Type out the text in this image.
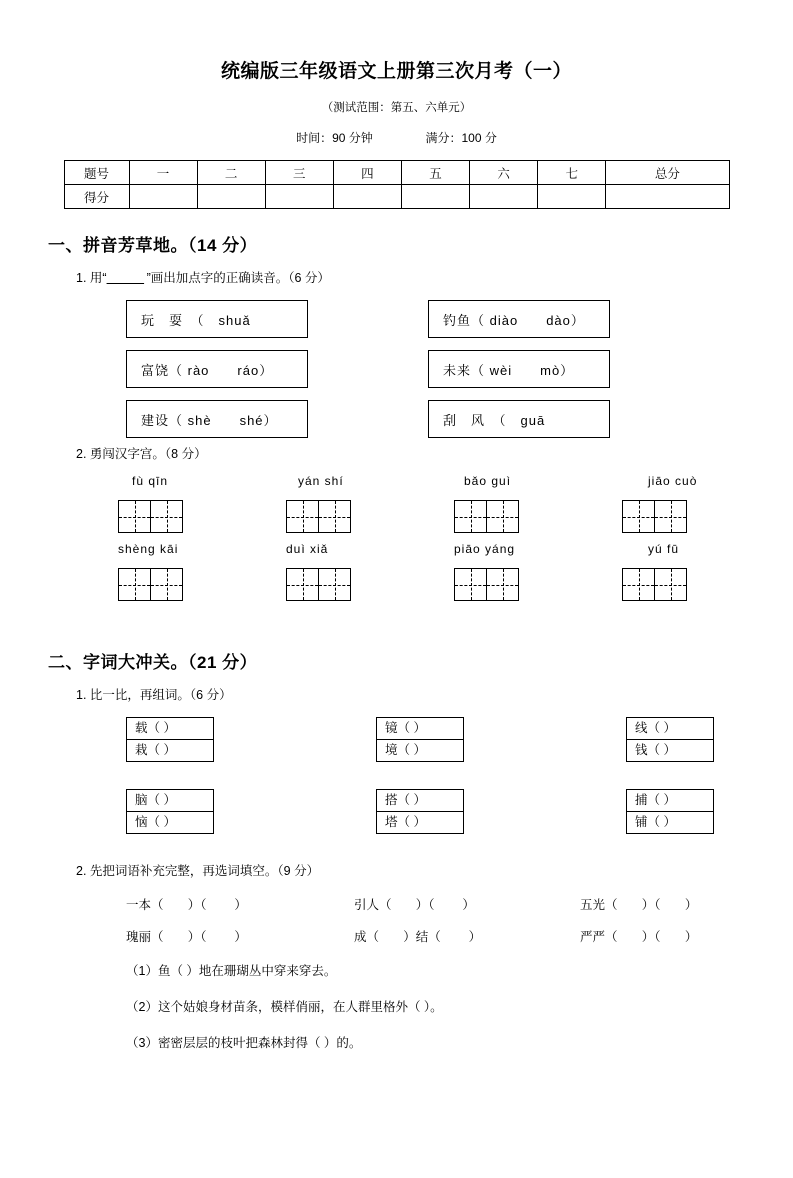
统编版三年级语文上册第三次月考（一）
（测试范围：第五、六单元）
时间：90 分钟	满分：100 分
题号	一	二	三	四	五	六	七	总分
得分								
一、拼音芳草地。（14 分）
1. 用“　　　	”画出加点字的正确读音。（6 分）
玩　耍　（　shuǎ	钓鱼（ diào　　dào）
富饶（ rào　　ráo）	未来（ wèi　　mò）
建设（ shè　　shé）	刮　风　（　guā
2. 勇闯汉字宫。（8 分）
fù qīn	yán shí	bǎo guì	jiāo cuò
shèng kāi	duì xiǎ	piāo yáng	yú fū
二、字词大冲关。（21 分）
1. 比一比，再组词。（6 分）
载（ ）
栽（ ）
镜（ ）
境（ ）
线（ ）
钱（ ）
脑（ ）
恼（ ）
搭（ ）
塔（ ）
捕（ ）
铺（ ）
2. 先把词语补充完整，再选词填空。（9 分）
一本（       ）（        ）	引人（       ）（        ）	五光（       ）（       ）
瑰丽（       ）（        ）	成（       ）结（        ）	严严（       ）（       ）
（1）鱼（ ）地在珊瑚丛中穿来穿去。
（2）这个姑娘身材苗条，模样俏丽，在人群里格外（ ）。
（3）密密层层的枝叶把森林封得（ ）的。
